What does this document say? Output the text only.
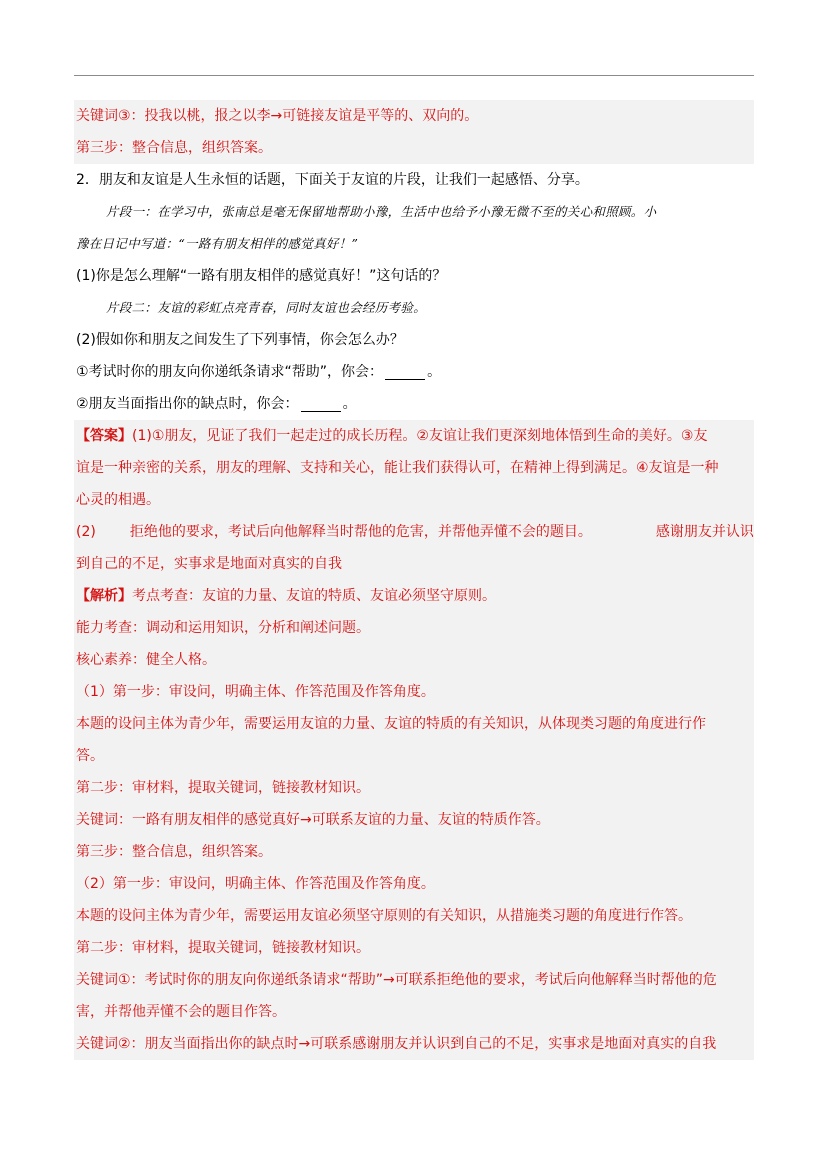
关键词③：投我以桃，报之以李→可链接友谊是平等的、双向的。
第三步：整合信息，组织答案。
2．朋友和友谊是人生永恒的话题，下面关于友谊的片段，让我们一起感悟、分享。
片段一：在学习中，张南总是毫无保留地帮助小豫，生活中也给予小豫无微不至的关心和照顾。小
豫在日记中写道：“一路有朋友相伴的感觉真好！”
(1)你是怎么理解“一路有朋友相伴的感觉真好！”这句话的？
片段二：友谊的彩虹点亮青春，同时友谊也会经历考验。
(2)假如你和朋友之间发生了下列事情，你会怎么办？
①考试时你的朋友向你递纸条请求“帮助”，你会：	。
②朋友当面指出你的缺点时，你会：	。
【答案】(1)①朋友，见证了我们一起走过的成长历程。②友谊让我们更深刻地体悟到生命的美好。③友
谊是一种亲密的关系，朋友的理解、支持和关心，能让我们获得认可，在精神上得到满足。④友谊是一种
心灵的相遇。
(2) 拒绝他的要求，考试后向他解释当时帮他的危害，并帮他弄懂不会的题目。	感谢朋友并认识
到自己的不足，实事求是地面对真实的自我
【解析】考点考查：友谊的力量、友谊的特质、友谊必须坚守原则。
能力考查：调动和运用知识，分析和阐述问题。
核心素养：健全人格。
（1）第一步：审设问，明确主体、作答范围及作答角度。
本题的设问主体为青少年，需要运用友谊的力量、友谊的特质的有关知识，从体现类习题的角度进行作
答。
第二步：审材料，提取关键词，链接教材知识。
关键词：一路有朋友相伴的感觉真好→可联系友谊的力量、友谊的特质作答。
第三步：整合信息，组织答案。
（2）第一步：审设问，明确主体、作答范围及作答角度。
本题的设问主体为青少年，需要运用友谊必须坚守原则的有关知识，从措施类习题的角度进行作答。
第二步：审材料，提取关键词，链接教材知识。
关键词①：考试时你的朋友向你递纸条请求“帮助”→可联系拒绝他的要求，考试后向他解释当时帮他的危
害，并帮他弄懂不会的题目作答。
关键词②：朋友当面指出你的缺点时→可联系感谢朋友并认识到自己的不足，实事求是地面对真实的自我
